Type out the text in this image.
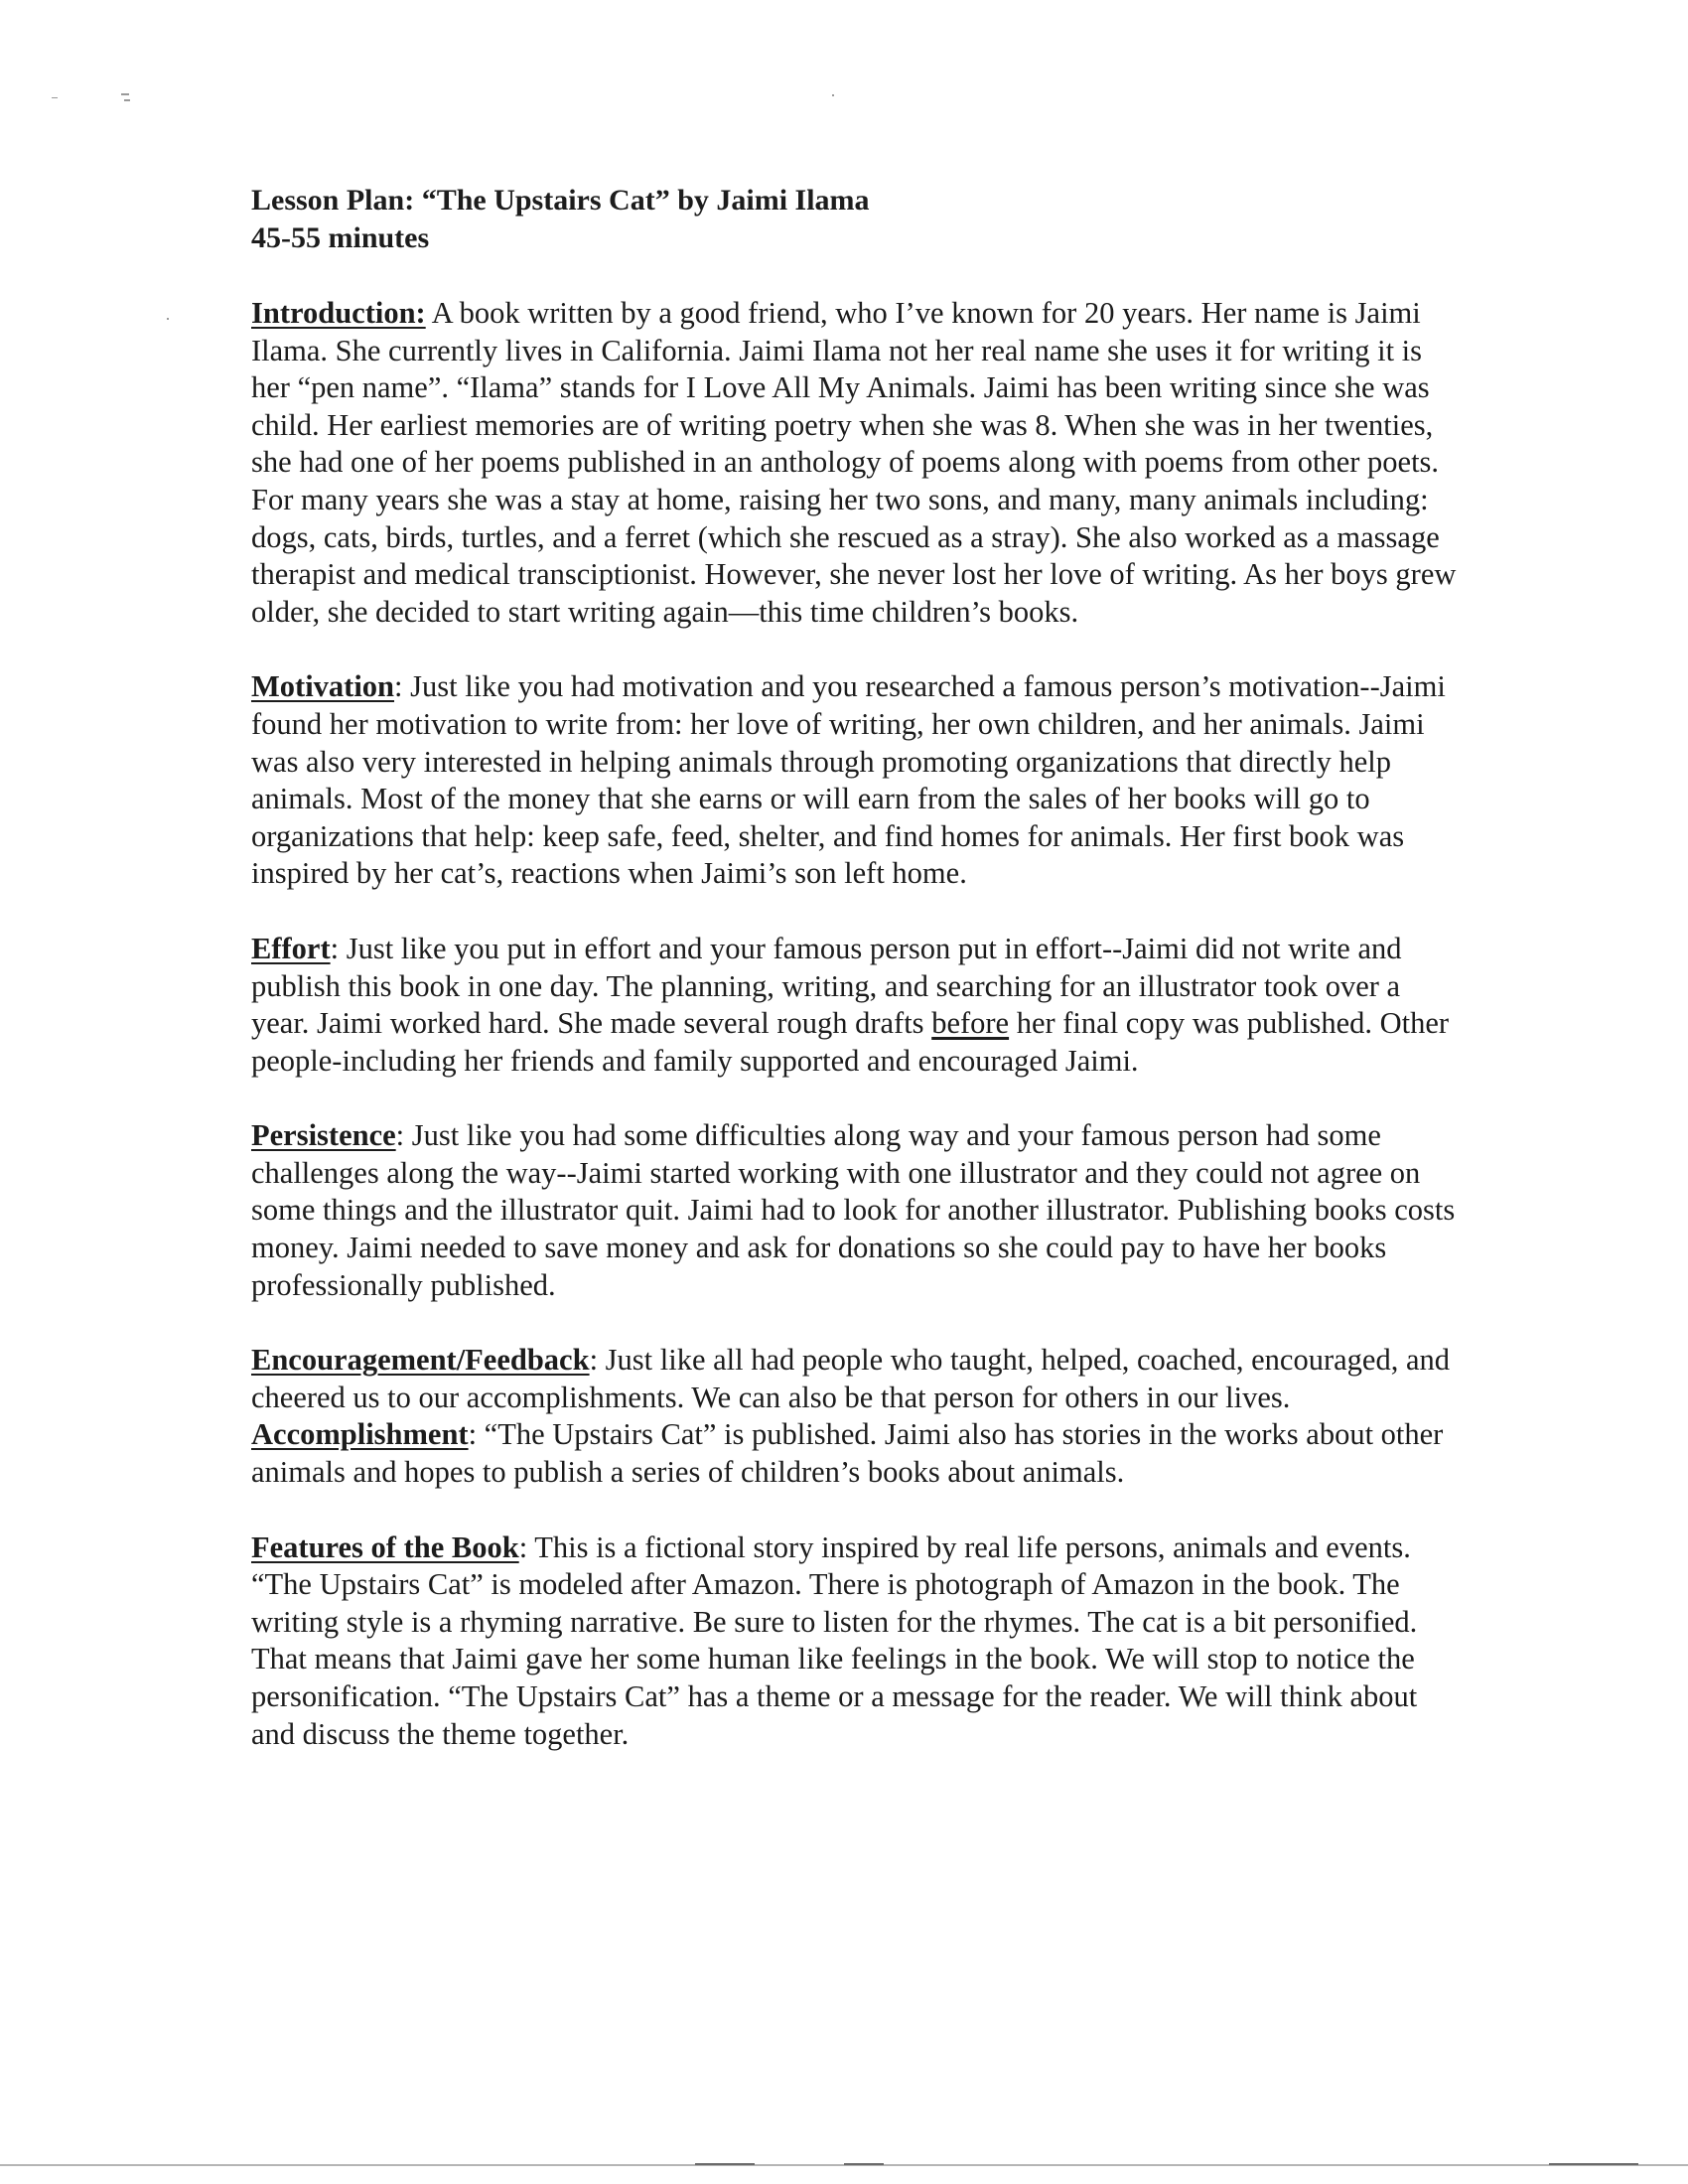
Lesson Plan: “The Upstairs Cat” by Jaimi Ilama
45-55 minutes

Introduction: A book written by a good friend, who I’ve known for 20 years. Her name is Jaimi Ilama. She currently lives in California. Jaimi Ilama not her real name she uses it for writing it is her “pen name”. “Ilama” stands for I Love All My Animals. Jaimi has been writing since she was child. Her earliest memories are of writing poetry when she was 8. When she was in her twenties, she had one of her poems published in an anthology of poems along with poems from other poets. For many years she was a stay at home, raising her two sons, and many, many animals including: dogs, cats, birds, turtles, and a ferret (which she rescued as a stray). She also worked as a massage therapist and medical transciptionist. However, she never lost her love of writing. As her boys grew older, she decided to start writing again—this time children’s books.

Motivation: Just like you had motivation and you researched a famous person’s motivation--Jaimi found her motivation to write from: her love of writing, her own children, and her animals. Jaimi was also very interested in helping animals through promoting organizations that directly help animals. Most of the money that she earns or will earn from the sales of her books will go to organizations that help: keep safe, feed, shelter, and find homes for animals. Her first book was inspired by her cat’s, reactions when Jaimi’s son left home.

Effort: Just like you put in effort and your famous person put in effort--Jaimi did not write and publish this book in one day. The planning, writing, and searching for an illustrator took over a year. Jaimi worked hard. She made several rough drafts before her final copy was published. Other people-including her friends and family supported and encouraged Jaimi.

Persistence: Just like you had some difficulties along way and your famous person had some challenges along the way--Jaimi started working with one illustrator and they could not agree on some things and the illustrator quit. Jaimi had to look for another illustrator. Publishing books costs money. Jaimi needed to save money and ask for donations so she could pay to have her books professionally published.

Encouragement/Feedback: Just like all had people who taught, helped, coached, encouraged, and cheered us to our accomplishments. We can also be that person for others in our lives.

Accomplishment: “The Upstairs Cat” is published. Jaimi also has stories in the works about other animals and hopes to publish a series of children’s books about animals.

Features of the Book: This is a fictional story inspired by real life persons, animals and events. “The Upstairs Cat” is modeled after Amazon. There is photograph of Amazon in the book. The writing style is a rhyming narrative. Be sure to listen for the rhymes. The cat is a bit personified. That means that Jaimi gave her some human like feelings in the book. We will stop to notice the personification. “The Upstairs Cat” has a theme or a message for the reader. We will think about and discuss the theme together.
